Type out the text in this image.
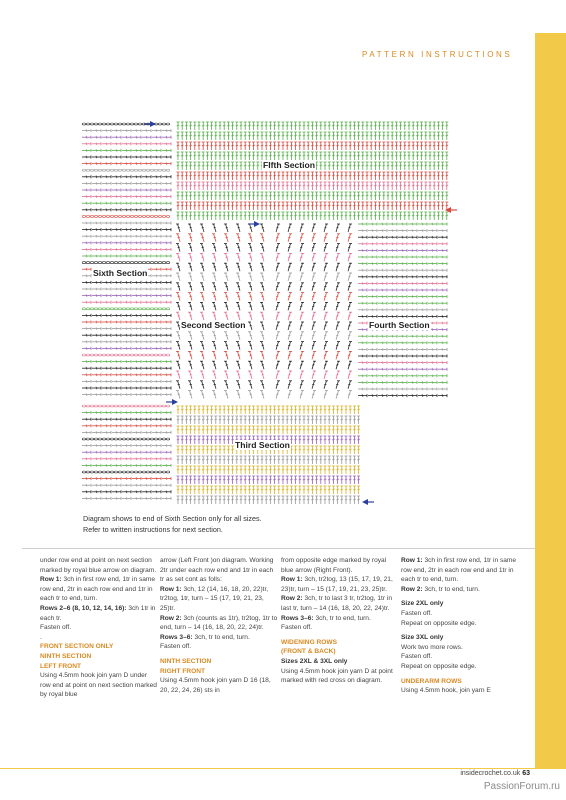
PATTERN INSTRUCTIONS
FIfth Section
Sixth Section
Second Section	Fourth Section
Third Section
Diagram shows to end of Sixth Section only for all sizes.
Refer to written instructions for next section.

under row end at point on next section marked by royal blue arrow on diagram.

Row 1: 3ch in first row end, 1tr in same row end, 2tr in each row end and 1tr in each tr to end, turn.

Rows 2–6 (8, 10, 12, 14, 16): 3ch 1tr in each tr.

Fasten off.

.

FRONT SECTION ONLY

NINTH SECTION

LEFT FRONT

Using 4.5mm hook join yarn D under row end at point on next section marked by royal blue

arrow (Left Front )on diagram. Working 2tr under each row end and 1tr in each tr as set cont as folls:

Row 1: 3ch, 12 (14, 16, 18, 20, 22)tr, tr2tog, 1tr, turn – 15 (17, 19, 21, 23, 25)tr.

Row 2: 3ch (counts as 1tr), tr2tog, 1tr to end, turn – 14 (16, 18, 20, 22, 24)tr.

Rows 3–6: 3ch, tr to end, turn.

Fasten off.

NINTH SECTION

RIGHT FRONT

Using 4.5mm hook join yarn D 16 (18, 20, 22, 24, 26) sts in

from opposite edge marked by royal blue arrow (Right Front).

Row 1: 3ch, tr2tog, 13 (15, 17, 19, 21, 23)tr, turn – 15 (17, 19, 21, 23, 25)tr.

Row 2: 3ch, tr to last 3 tr, tr2tog, 1tr in last tr, turn – 14 (16, 18, 20, 22, 24)tr.

Rows 3–6: 3ch, tr to end, turn.

Fasten off.

WIDENING ROWS

(FRONT & BACK)

Sizes 2XL & 3XL only

Using 4.5mm hook join yarn D at point marked with red cross on diagram.

Row 1: 3ch in first row end, 1tr in same row end, 2tr in each row end and 1tr in each tr to end, turn.

Row 2: 3ch, tr to end, turn.

Size 2XL only

Fasten off.

Repeat on opposite edge.

Size 3XL only

Work two more rows.

Fasten off.

Repeat on opposite edge.

UNDERARM ROWS

Using 4.5mm hook, join yarn E

insidecrochet.co.uk 63
PassionForum.ru
